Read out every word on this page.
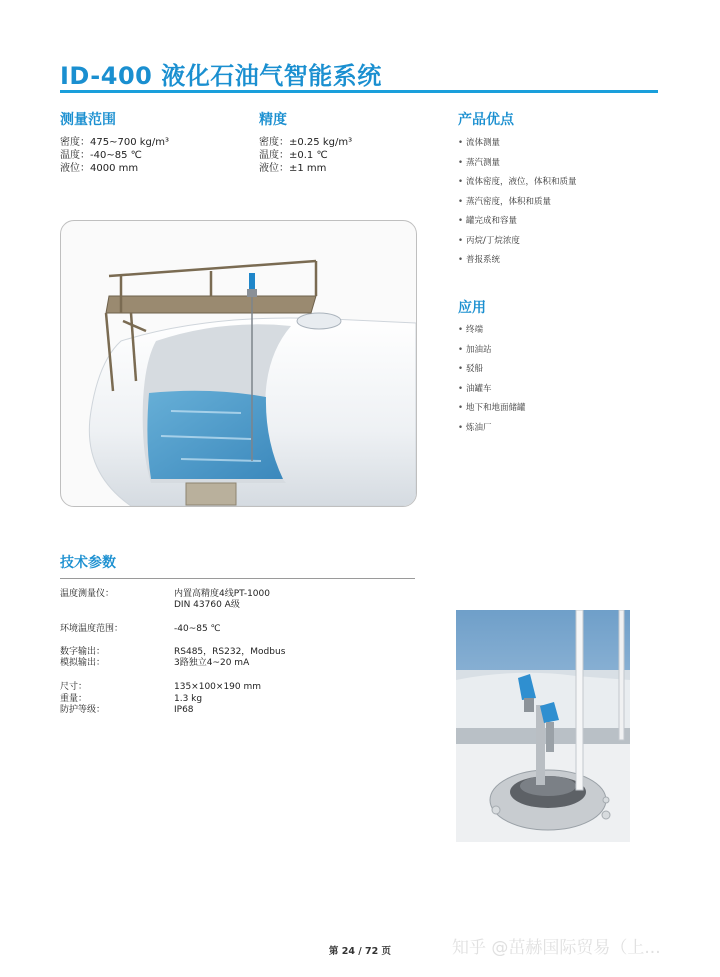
ID-400 液化石油气智能系统
测量范围
密度：475~700 kg/m³
温度：-40~85 ℃
液位：4000 mm
精度
密度：±0.25 kg/m³
温度：±0.1 ℃
液位：±1 mm
产品优点
• 流体测量
• 蒸汽测量
• 流体密度，液位，体积和质量
• 蒸汽密度，体积和质量
• 罐完成和容量
• 丙烷/丁烷浓度
• 普报系统
应用
• 终端
• 加油站
• 驳船
• 油罐车
• 地下和地面储罐
• 炼油厂
技术参数
温度测量仪：	内置高精度4线PT-1000
DIN 43760 A级
环境温度范围：	-40~85 ℃
数字输出：	RS485，RS232，Modbus
模拟输出：	3路独立4~20 mA
尺寸：	135×100×190 mm
重量：	1.3 kg
防护等级：	IP68
第 24 / 72 页	知乎 @茁赫国际贸易（上...
